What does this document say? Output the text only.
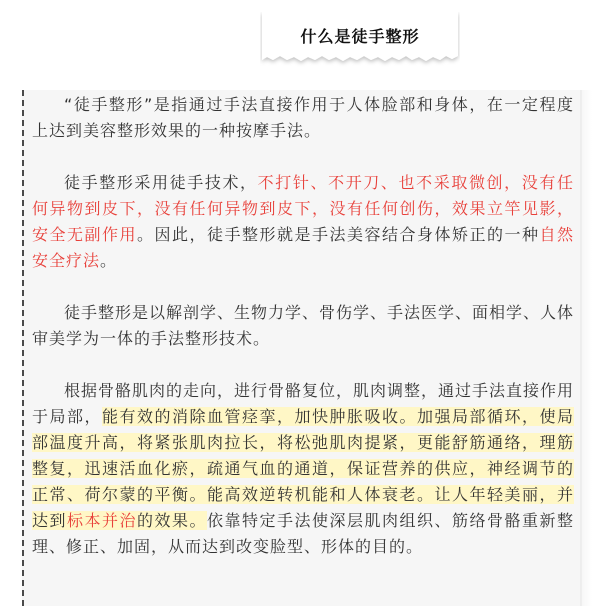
什么是徒手整形

“徒手整形”是指通过手法直接作用于人体脸部和身体，在一定程度上达到美容整形效果的一种按摩手法。

徒手整形采用徒手技术，不打针、不开刀、也不采取微创，没有任何异物到皮下，没有任何异物到皮下，没有任何创伤，效果立竿见影，安全无副作用。因此，徒手整形就是手法美容结合身体矫正的一种自然安全疗法。

徒手整形是以解剖学、生物力学、骨伤学、手法医学、面相学、人体审美学为一体的手法整形技术。

根据骨骼肌肉的走向，进行骨骼复位，肌肉调整，通过手法直接作用于局部，能有效的消除血管痉挛，加快肿胀吸收。加强局部循环，使局部温度升高，将紧张肌肉拉长，将松弛肌肉提紧，更能舒筋通络，理筋整复，迅速活血化瘀，疏通气血的通道，保证营养的供应，神经调节的正常、荷尔蒙的平衡。能高效逆转机能和人体衰老。让人年轻美丽，并达到标本并治的效果。依靠特定手法使深层肌肉组织、筋络骨骼重新整理、修正、加固，从而达到改变脸型、形体的目的。
